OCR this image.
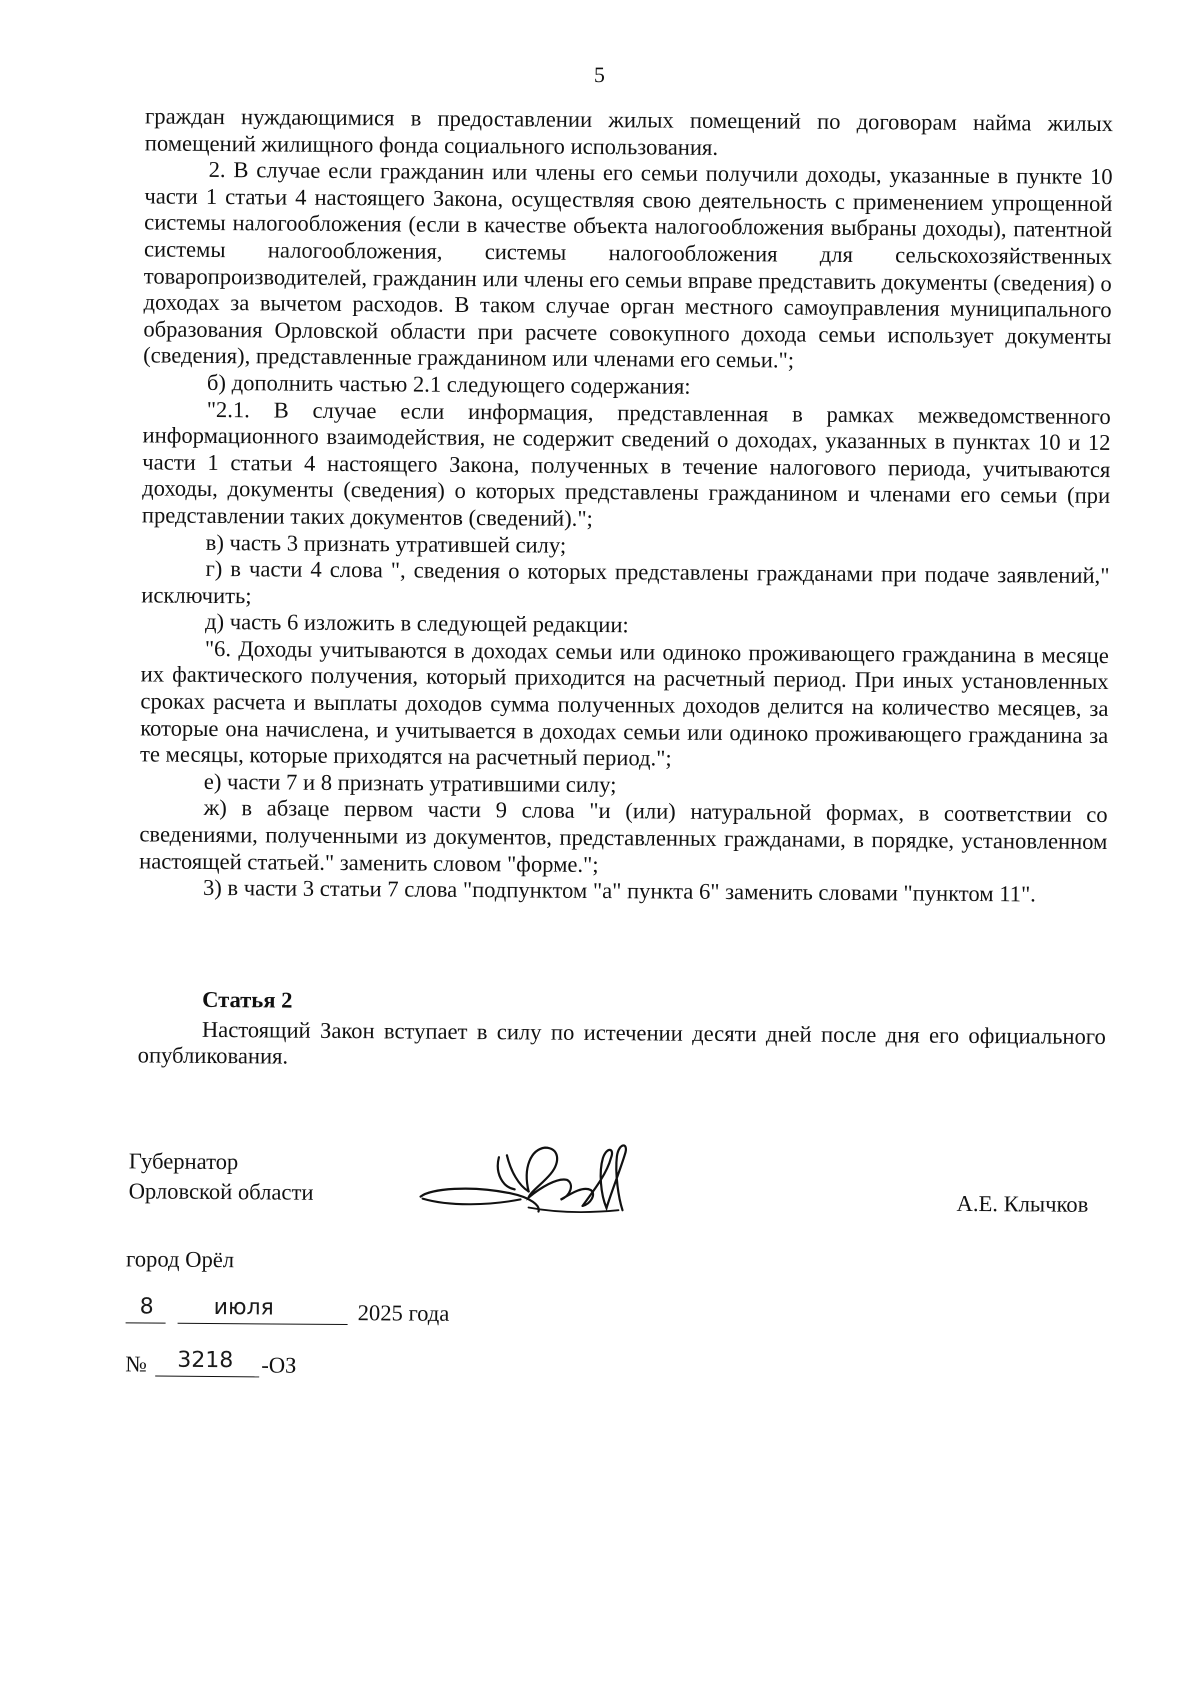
5

граждан нуждающимися в предоставлении жилых помещений по договорам найма жилых помещений жилищного фонда социального использования.

2. В случае если гражданин или члены его семьи получили доходы, указанные в пункте 10 части 1 статьи 4 настоящего Закона, осуществляя свою деятельность с применением упрощенной системы налогообложения (если в качестве объекта налогообложения выбраны доходы), патентной системы налогообложения, системы налогообложения для сельскохозяйственных товаропроизводителей, гражданин или члены его семьи вправе представить документы (сведения) о доходах за вычетом расходов. В таком случае орган местного самоуправления муниципального образования Орловской области при расчете совокупного дохода семьи использует документы (сведения), представленные гражданином или членами его семьи.";

б) дополнить частью 2.1 следующего содержания:

"2.1. В случае если информация, представленная в рамках межведомственного информационного взаимодействия, не содержит сведений о доходах, указанных в пунктах 10 и 12 части 1 статьи 4 настоящего Закона, полученных в течение налогового периода, учитываются доходы, документы (сведения) о которых представлены гражданином и членами его семьи (при представлении таких документов (сведений).";

в) часть 3 признать утратившей силу;

г) в части 4 слова ", сведения о которых представлены гражданами при подаче заявлений," исключить;

д) часть 6 изложить в следующей редакции:

"6. Доходы учитываются в доходах семьи или одиноко проживающего гражданина в месяце их фактического получения, который приходится на расчетный период. При иных установленных сроках расчета и выплаты доходов сумма полученных доходов делится на количество месяцев, за которые она начислена, и учитывается в доходах семьи или одиноко проживающего гражданина за те месяцы, которые приходятся на расчетный период.";

е) части 7 и 8 признать утратившими силу;

ж) в абзаце первом части 9 слова "и (или) натуральной формах, в соответствии со сведениями, полученными из документов, представленных гражданами, в порядке, установленном настоящей статьей." заменить словом "форме.";

3) в части 3 статьи 7 слова "подпунктом "а" пункта 6" заменить словами "пунктом 11".

Статья 2

Настоящий Закон вступает в силу по истечении десяти дней после дня его официального опубликования.

Губернатор
Орловской области	А.Е. Клычков
город Орёл
8	июля	2025 года
№ 3218 -ОЗ
